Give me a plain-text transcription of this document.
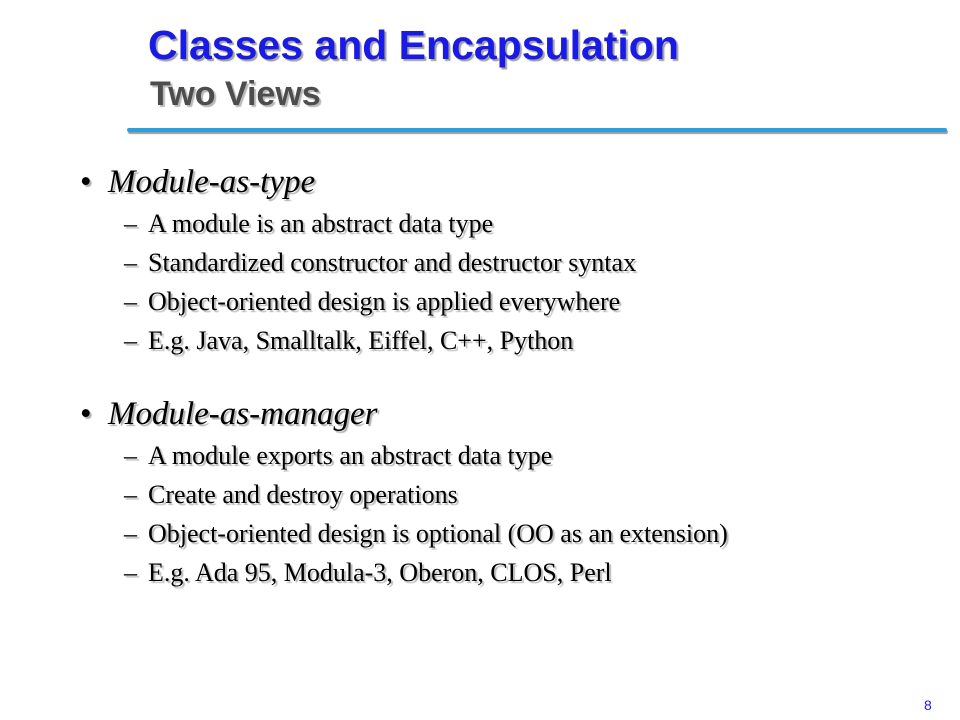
Classes and Encapsulation
Two Views
• Module-as-type
– A module is an abstract data type
– Standardized constructor and destructor syntax
– Object-oriented design is applied everywhere
– E.g. Java, Smalltalk, Eiffel, C++, Python
• Module-as-manager
– A module exports an abstract data type
– Create and destroy operations
– Object-oriented design is optional (OO as an extension)
– E.g. Ada 95, Modula-3, Oberon, CLOS, Perl
8
